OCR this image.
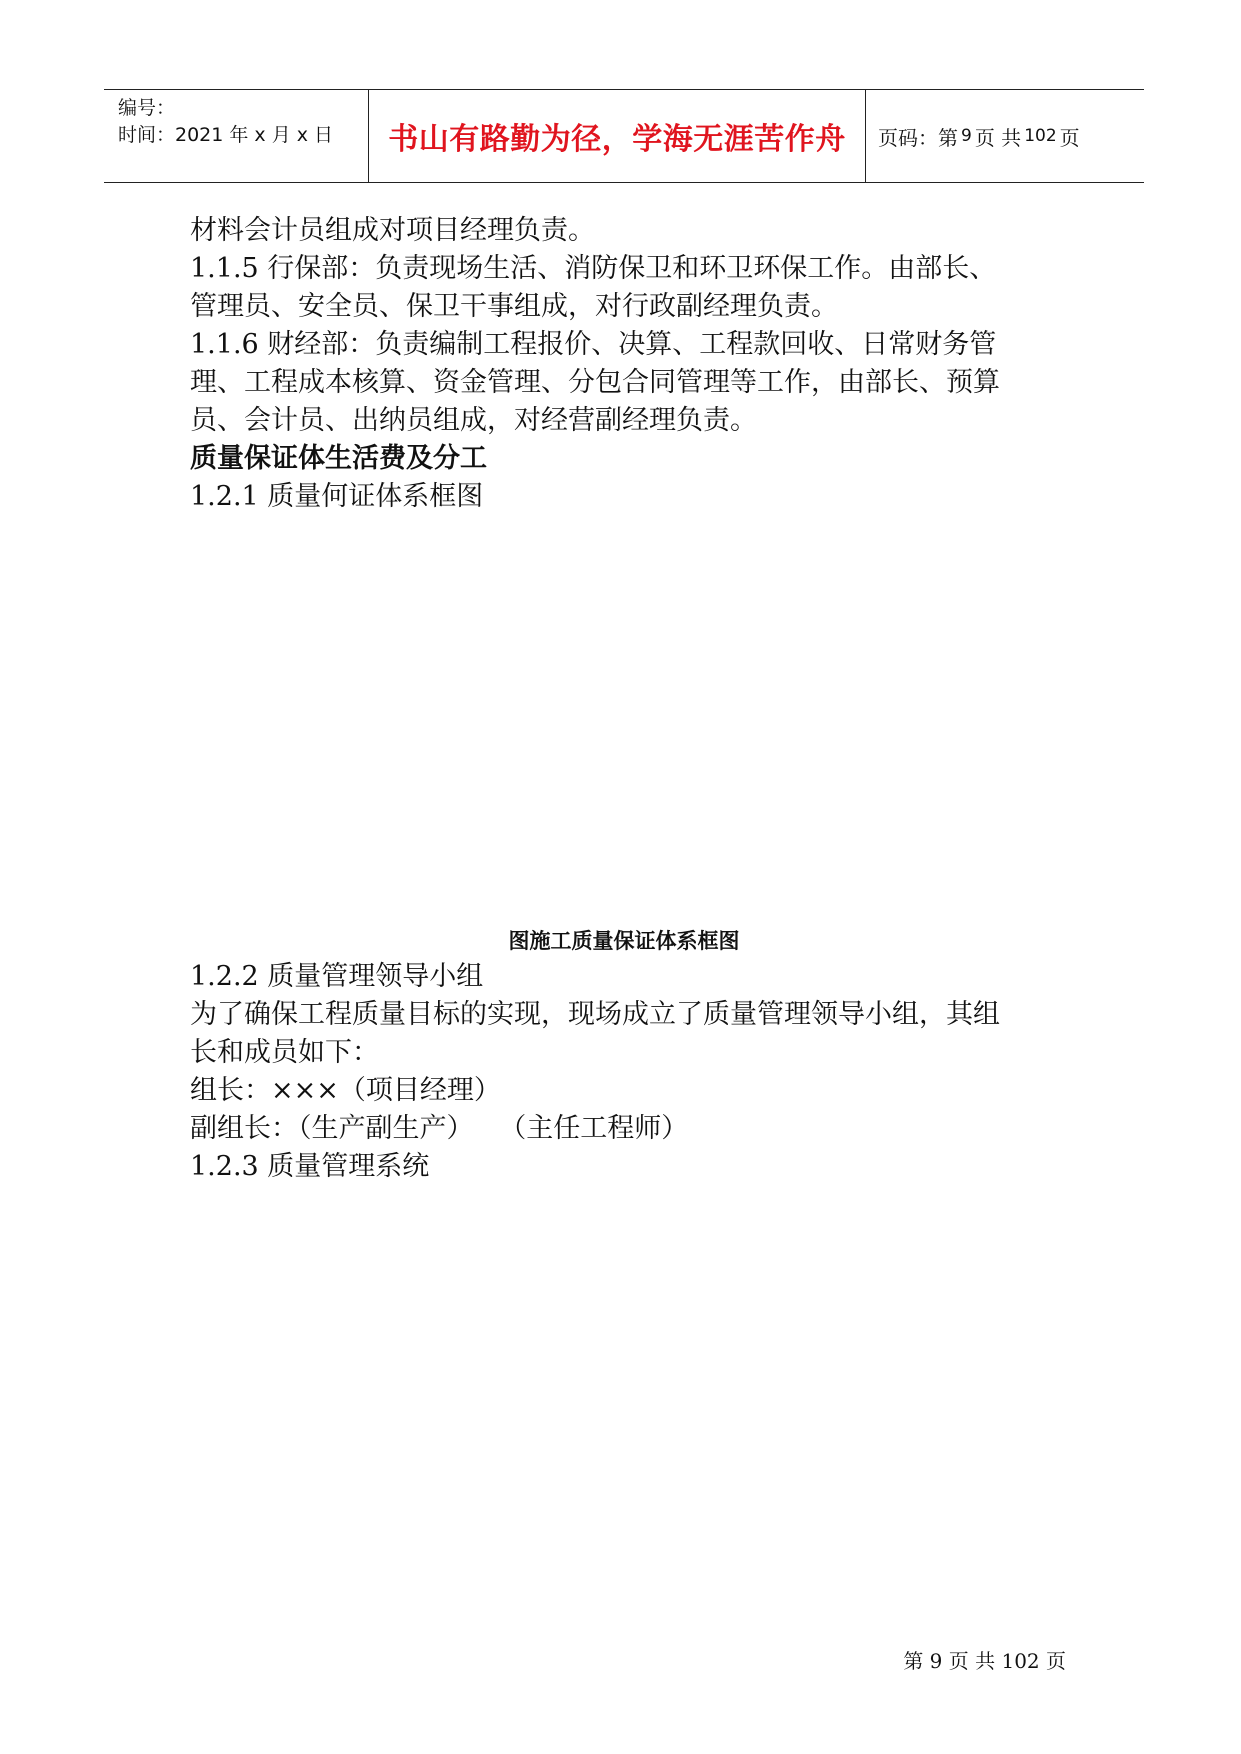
编号：
时间：2021 年 x 月 x 日 书山有路勤为径，学海无涯苦作舟 页码：第 9 页 共 102 页

材料会计员组成对项目经理负责。

1.1.5 行保部：负责现场生活、消防保卫和环卫环保工作。由部长、

管理员、安全员、保卫干事组成，对行政副经理负责。

1.1.6 财经部：负责编制工程报价、决算、工程款回收、日常财务管

理、工程成本核算、资金管理、分包合同管理等工作，由部长、预算

员、会计员、出纳员组成，对经营副经理负责。

质量保证体生活费及分工

1.2.1 质量何证体系框图

图施工质量保证体系框图

1.2.2 质量管理领导小组

为了确保工程质量目标的实现，现场成立了质量管理领导小组，其组

长和成员如下：

组长：×××（项目经理）

副组长：（生产副生产）   （主任工程师）

1.2.3 质量管理系统

第 9 页 共 102 页
